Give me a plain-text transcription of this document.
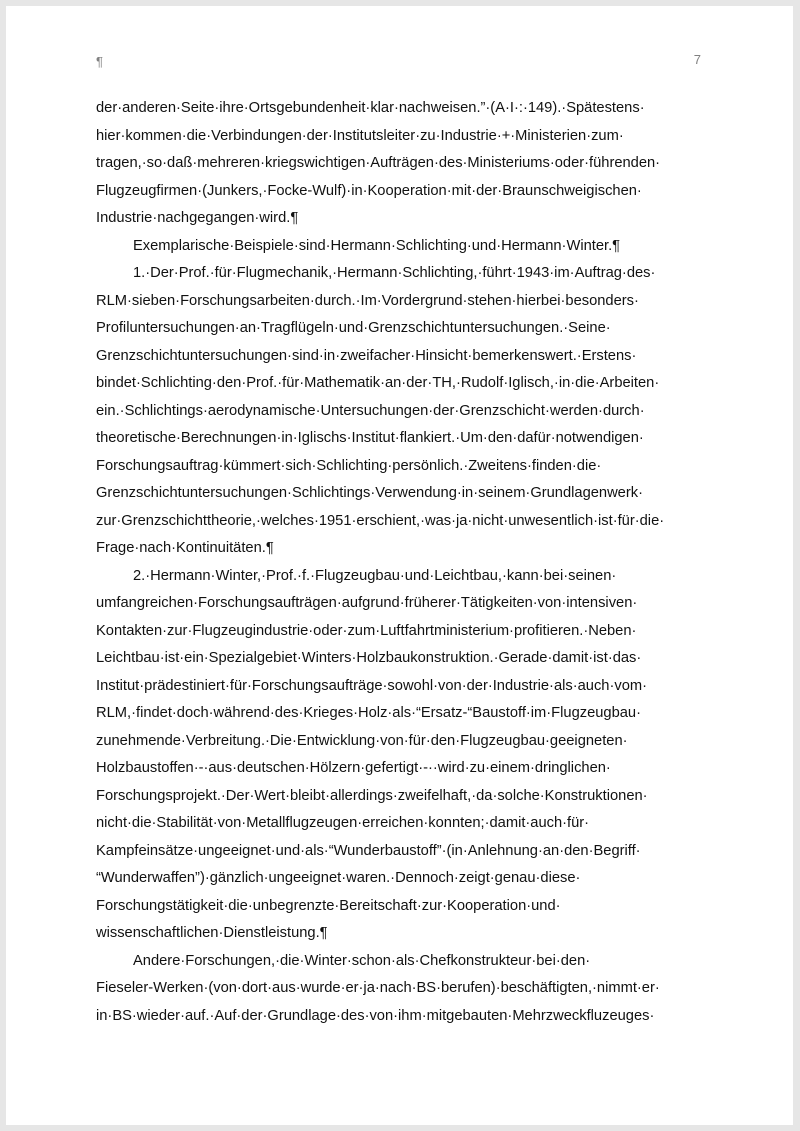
¶	7
der·anderen·Seite·ihre·Ortsgebundenheit·klar·nachweisen.”·(A·I·:·149).·Spätestens·
hier·kommen·die·Verbindungen·der·Institutsleiter·zu·Industrie·+·Ministerien·zum·
tragen,·so·daß·mehreren·kriegswichtigen·Aufträgen·des·Ministeriums·oder·führenden·
Flugzeugfirmen·(Junkers,·Focke-Wulf)·in·Kooperation·mit·der·Braunschweigischen·
Industrie·nachgegangen·wird.¶
Exemplarische·Beispiele·sind·Hermann·Schlichting·und·Hermann·Winter.¶
1.·Der·Prof.·für·Flugmechanik,·Hermann·Schlichting,·führt·1943·im·Auftrag·des·
RLM·sieben·Forschungsarbeiten·durch.·Im·Vordergrund·stehen·hierbei·besonders·
Profiluntersuchungen·an·Tragflügeln·und·Grenzschichtuntersuchungen.·Seine·
Grenzschichtuntersuchungen·sind·in·zweifacher·Hinsicht·bemerkenswert.·Erstens·
bindet·Schlichting·den·Prof.·für·Mathematik·an·der·TH,·Rudolf·Iglisch,·in·die·Arbeiten·
ein.·Schlichtings·aerodynamische·Untersuchungen·der·Grenzschicht·werden·durch·
theoretische·Berechnungen·in·Iglischs·Institut·flankiert.·Um·den·dafür·notwendigen·
Forschungsauftrag·kümmert·sich·Schlichting·persönlich.·Zweitens·finden·die·
Grenzschichtuntersuchungen·Schlichtings·Verwendung·in·seinem·Grundlagenwerk·
zur·Grenzschichttheorie,·welches·1951·erschient,·was·ja·nicht·unwesentlich·ist·für·die·
Frage·nach·Kontinuitäten.¶
2.·Hermann·Winter,·Prof.·f.·Flugzeugbau·und·Leichtbau,·kann·bei·seinen·
umfangreichen·Forschungsaufträgen·aufgrund·früherer·Tätigkeiten·von·intensiven·
Kontakten·zur·Flugzeugindustrie·oder·zum·Luftfahrtministerium·profitieren.·Neben·
Leichtbau·ist·ein·Spezialgebiet·Winters·Holzbaukonstruktion.·Gerade·damit·ist·das·
Institut·prädestiniert·für·Forschungsaufträge·sowohl·von·der·Industrie·als·auch·vom·
RLM,·findet·doch·während·des·Krieges·Holz·als·“Ersatz-“Baustoff·im·Flugzeugbau·
zunehmende·Verbreitung.·Die·Entwicklung·von·für·den·Flugzeugbau·geeigneten·
Holzbaustoffen·-·aus·deutschen·Hölzern·gefertigt·-··wird·zu·einem·dringlichen·
Forschungsprojekt.·Der·Wert·bleibt·allerdings·zweifelhaft,·da·solche·Konstruktionen·
nicht·die·Stabilität·von·Metallflugzeugen·erreichen·konnten;·damit·auch·für·
Kampfeinsätze·ungeeignet·und·als·“Wunderbaustoff”·(in·Anlehnung·an·den·Begriff·
“Wunderwaffen”)·gänzlich·ungeeignet·waren.·Dennoch·zeigt·genau·diese·
Forschungstätigkeit·die·unbegrenzte·Bereitschaft·zur·Kooperation·und·
wissenschaftlichen·Dienstleistung.¶
Andere·Forschungen,·die·Winter·schon·als·Chefkonstrukteur·bei·den·
Fieseler-Werken·(von·dort·aus·wurde·er·ja·nach·BS·berufen)·beschäftigten,·nimmt·er·
in·BS·wieder·auf.·Auf·der·Grundlage·des·von·ihm·mitgebauten·Mehrzweckfluzeuges·
